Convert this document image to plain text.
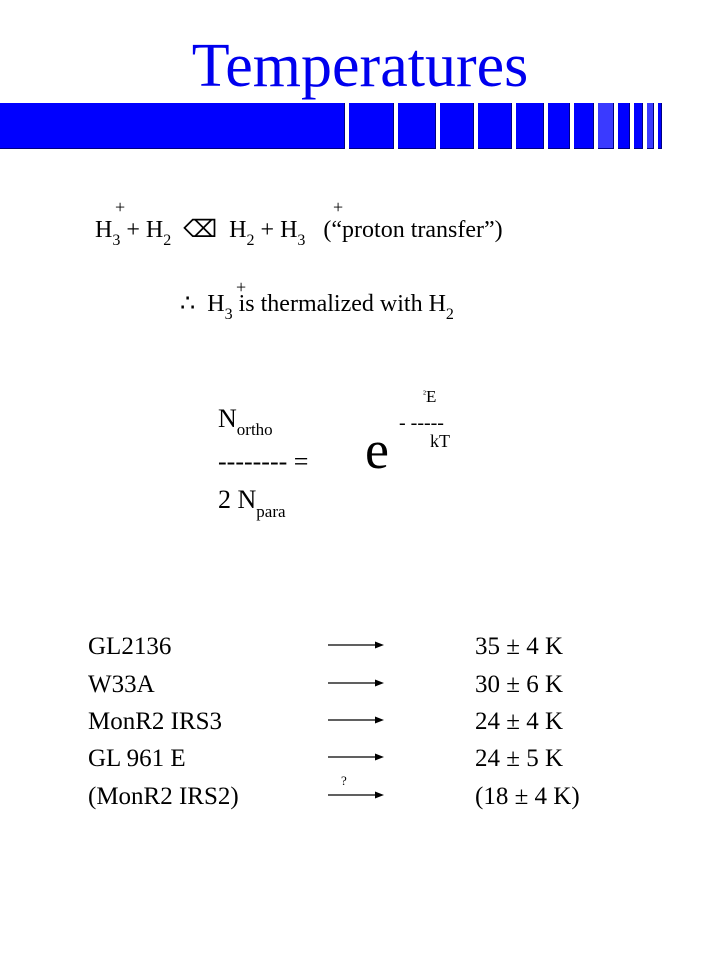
Temperatures
$H_3 + H_2$ ⌫ $H_2 + H_3$ (“proton transfer”)
+	+
∴ $H_3$ is thermalized with $H_2$
+
$N_{ortho}$
-------- =
2 $N_{para}$
e
$^{^2}$E
- -----
kT
GL2136
W33A
MonR2 IRS3
GL 961 E
(MonR2 IRS2)
?
35 ± 4 K
30 ± 6 K
24 ± 4 K
24 ± 5 K
(18 ± 4 K)
